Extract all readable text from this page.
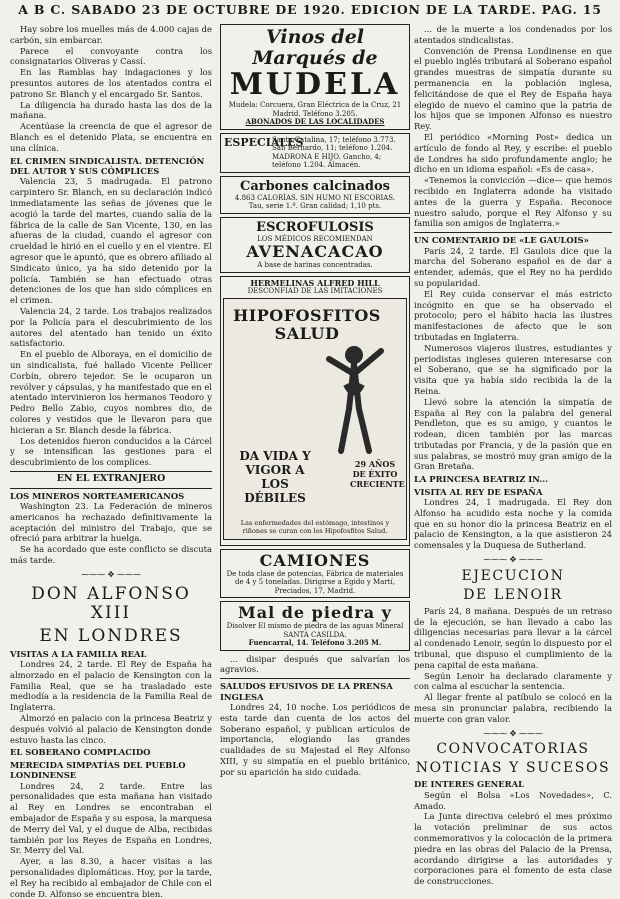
A B C. SABADO 23 DE OCTUBRE DE 1920. EDICION DE LA TARDE. PAG. 15

Hay sobre los muelles más de 4.000 cajas de carbón, sin embarcar.

Parece el convoyante contra los consignatarios Oliveras y Cassí.

En las Ramblas hay indagaciones y los presuntos autores de los atentados contra el patrono Sr. Blanch y el encargado Sr. Santos.

La diligencia ha durado hasta las dos de la mañana.

Acentúase la creencia de que el agresor de Blanch es el detenido Plata, se encuentra en una clínica.

EL CRIMEN SINDICALISTA. DETENCIÓN DEL AUTOR Y SUS CÓMPLICES

Valencia 23, 5 madrugada. El patrono carpintero Sr. Blanch, en su declaración indicó inmediatamente las señas de jóvenes que le acogió la tarde del martes, cuando salía de la fábrica de la calle de San Vicente, 130, en las afueras de la ciudad, cuando el agresor con crueldad le hirió en el cuello y en el vientre. El agresor que le apuntó, que es obrero afiliado al Sindicato único, ya ha sido detenido por la policía. También se han efectuado otras detenciones de los que han sido cómplices en el crimen.

Valencia 24, 2 tarde. Los trabajos realizados por la Policía para el descubrimiento de los autores del atentado han tenido un éxito satisfactorio.

En el pueblo de Alboraya, en el domicilio de un sindicalista, fué hallado Vicente Pellicer Corbín, obrero tejedor. Se le ocuparon un revólver y cápsulas, y ha manifestado que en el atentado intervinieron los hermanos Teodoro y Pedro Bello Zabio, cuyos nombres dio, de colores y vestidos que le llevaron para que hicieran a Sr. Blanch desde la fábrica.

Los detenidos fueron conducidos a la Cárcel y se intensifican las gestiones para el descubrimiento de los complices.

EN EL EXTRANJERO
LOS MINEROS NORTEAMERICANOS

Washington 23. La Federación de mineros americanos ha rechazado definitivamente la aceptación del ministro del Trabajo, que se ofreció para arbitrar la huelga.

Se ha acordado que este conflicto se discuta más tarde.

⁓⁓⁓ ✥ ⁓⁓⁓
DON ALFONSO XIII
EN LONDRES
VISITAS A LA FAMILIA REAL

Londres 24, 2 tarde. El Rey de España ha almorzado en el palacio de Kensington con la Familia Real, que se ha trasladado este mediodía a la residencia de la Familia Real de Inglaterra.

Almorzó en palacio con la princesa Beatriz y después volvió al palacio de Kensington donde estuvo hasta las cinco.

EL SOBERANO COMPLACIDO
MERECIDA SIMPATÍAS DEL PUEBLO LONDINENSE

Londres 24, 2 tarde. Entre las personalidades que esta mañana han visitado al Rey en Londres se encontraban el embajador de España y su esposa, la marquesa de Merry del Val, y el duque de Alba, recibidas también por los Reyes de España en Londres, Sr. Merry del Val.

Ayer, a las 8.30, a hacer visitas a las personalidades diplomáticas. Hoy, por la tarde, el Rey ha recibido al embajador de Chile con el conde D. Alfonso se encuentra bien.

Vinos del Marqués de
MUDELA
Mudela: Corcuera, Gran Eléctrica de la Cruz, 21 Madrid. Teléfono 3.205.
ABONADOS DE LAS LOCALIDADES
ESPECIALES
Santa Catalina, 17; teléfono 3.773. San Bernardo, 11; teléfono 1.204. MADRONA E HIJO. Gancho, 4; teléfono 1.204. Almacén.
Carbones calcinados
4.863 CALORÍAS. SIN HUMO NI ESCORIAS.
Tau, serie 1.º. Gran calidad; 1,10 pts.
ESCROFULOSIS
LOS MÉDICOS RECOMIENDAN
AVENACACAO
A base de harinas concentradas.
HERMELINAS ALFRED HILL
DESCONFIAD DE LAS IMITACIONES
HIPOFOSFITOS SALUD
DA VIDA Y VIGOR A LOS DÉBILES
29 AÑOS DE ÉXITO CRECIENTE
Las enfermedades del estómago, intestinos y riñones se curan con los Hipofosfitos Salud.
CAMIONES
De toda clase de potencias, Fábrica de materiales de 4 y 5 toneladas. Dirigirse a Egido y Martí, Preciados, 17, Madrid.
Mal de piedra y
Disolver El mismo de piedra de las aguas Mineral SANTA CASILDA.
Fuencarral, 14. Teléfono 3.205 M.

... disipar después que salvarían los agravios.

SALUDOS EFUSIVOS DE LA PRENSA INGLESA

Londres 24, 10 noche. Los periódicos de esta tarde dan cuenta de los actos del Soberano español, y publican artículos de importancia, elogiando las grandes cualidades de su Majestad el Rey Alfonso XIII, y su simpatía en el pueblo británico, por su aparición ha sido cuidada.

... de la muerte a los condenados por los atentados sindicalistas.

Convención de Prensa Londinense en que el pueblo inglés tributará al Soberano español grandes muestras de simpatía durante su permanencia en la población inglesa, felicitándose de que el Rey de España haya elegido de nuevo el camino que la patria de los hijos que se imponen Alfonso es nuestro Rey.

El periódico «Morning Post» dedica un artículo de fondo al Rey, y escribe: el pueblo de Londres ha sido profundamente anglo; he dicho en un idioma español: «Es de casa».

«Tenemos la convicción —dice— que hemos recibido en Inglaterra adonde ha visitado antes de la guerra y España. Reconoce nuestro saludo, porque el Rey Alfonso y su familia son amigos de Inglaterra.»

UN COMENTARIO DE «LE GAULOIS»

París 24, 2 tarde. El Gaulois dice que la marcha del Soberano español es de dar a entender, además, que el Rey no ha perdido su popularidad.

El Rey cuida conservar el más estricto incógnito en que se ha observado el protocolo; pero el hábito hacia las ilustres manifestaciones de afecto que le son tributadas en Inglaterra.

Numerosos viajeros ilustres, estudiantes y periodistas ingleses quieren interesarse con el Soberano, que se ha significado por la visita que ya había sido recibida la de la Reina.

Llevó sobre la atención la simpatía de España al Rey con la palabra del general Pendleton, que es su amigo, y cuantos le rodean, dicen también por las marcas tributadas por Francia, y de la pasión que en sus palabras, se mostró muy gran amigo de la Gran Bretaña.

LA PRINCESA BEATRIZ IN...
VISITA AL REY DE ESPAÑA

Londres 24, 1 madrugada. El Rey don Alfonso ha acudido esta noche y la comida que en su honor dio la princesa Beatriz en el palacio de Kensington, a la que asistieron 24 comensales y la Duquesa de Sutherland.

⁓⁓⁓ ✥ ⁓⁓⁓
EJECUCION
DE LENOIR

París 24, 8 mañana. Después de un retraso de la ejecución, se han llevado a cabo las diligencias necesarias para llevar a la cárcel al condenado Lenoir, según lo dispuesto por el tribunal, que dispuso el cumplimiento de la pena capital de esta mañana.

Según Lenoir ha declarado claramente y con calma al escuchar la sentencia.

Al llegar frente al patíbulo se colocó en la mesa sin pronunciar palabra, recibiendo la muerte con gran valor.

⁓⁓⁓ ✥ ⁓⁓⁓
CONVOCATORIAS
NOTICIAS Y SUCESOS
DE INTERES GENERAL

Según el Bolsa «Los Novedades», C. Amado.

La Junta directiva celebró el mes próximo la votación preliminar de sus actos conmemorativos y la colocación de la primera piedra en las obras del Palacio de la Prensa, acordando dirigirse a las autoridades y corporaciones para el fomento de esta clase de construcciones.
